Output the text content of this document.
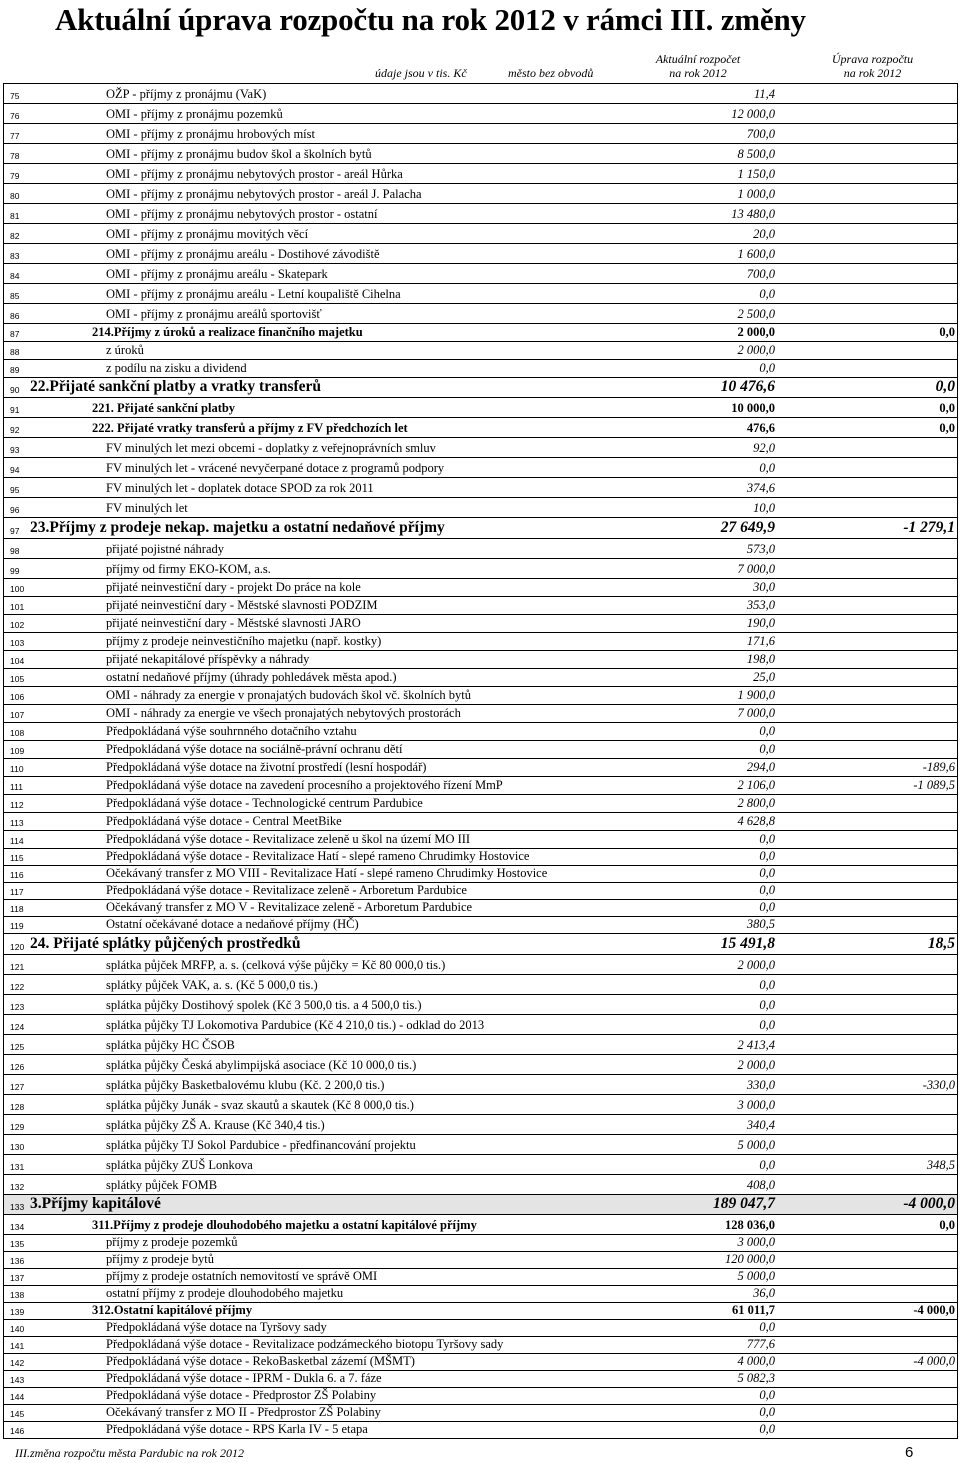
Aktuální úprava rozpočtu na rok 2012 v rámci III. změny
údaje jsou v tis. Kč	město bez obvodů
Aktuální rozpočet
na rok 2012
Úprava rozpočtu
na rok 2012
75	OŽP - příjmy z pronájmu (VaK)	11,4
76	OMI - příjmy z pronájmu pozemků	12 000,0
77	OMI - příjmy z pronájmu hrobových míst	700,0
78	OMI - příjmy z pronájmu budov škol a školních bytů	8 500,0
79	OMI - příjmy z pronájmu nebytových prostor - areál Hůrka	1 150,0
80	OMI - příjmy z pronájmu nebytových prostor - areál J. Palacha	1 000,0
81	OMI - příjmy z pronájmu nebytových prostor - ostatní	13 480,0
82	OMI - příjmy z pronájmu movitých věcí	20,0
83	OMI - příjmy z pronájmu areálu - Dostihové závodiště	1 600,0
84	OMI - příjmy z pronájmu areálu - Skatepark	700,0
85	OMI - příjmy z pronájmu areálu - Letní koupaliště Cihelna	0,0
86	OMI - příjmy z pronájmu areálů sportovišť	2 500,0
87	214.Příjmy z úroků a realizace finančního majetku	2 000,0	0,0
88	z úroků	2 000,0
89	z podílu na zisku a dividend	0,0
90 22.Přijaté sankční platby a vratky transferů	10 476,6	0,0
91	221. Přijaté sankční platby	10 000,0	0,0
92	222. Přijaté vratky transferů a příjmy z FV předchozích let	476,6	0,0
93	FV minulých let mezi obcemi - doplatky z veřejnoprávních smluv	92,0
94	FV minulých let - vrácené nevyčerpané dotace z programů podpory	0,0
95	FV minulých let - doplatek dotace SPOD za rok 2011	374,6
96	FV minulých let	10,0
97 23.Příjmy z prodeje nekap. majetku a ostatní nedaňové příjmy	27 649,9	-1 279,1
98	přijaté pojistné náhrady	573,0
99	příjmy od firmy EKO-KOM, a.s.	7 000,0
100	přijaté neinvestiční dary - projekt Do práce na kole	30,0
101	přijaté neinvestiční dary - Městské slavnosti PODZIM	353,0
102	přijaté neinvestiční dary - Městské slavnosti JARO	190,0
103	příjmy z prodeje neinvestičního majetku (např. kostky)	171,6
104	přijaté nekapitálové příspěvky a náhrady	198,0
105	ostatní nedaňové příjmy (úhrady pohledávek města apod.)	25,0
106	OMI - náhrady za energie v pronajatých budovách škol vč. školních bytů	1 900,0
107	OMI - náhrady za energie ve všech pronajatých nebytových prostorách	7 000,0
108	Předpokládaná výše souhrnného dotačního vztahu	0,0
109	Předpokládaná výše dotace na sociálně-právní ochranu dětí	0,0
110	Předpokládaná výše dotace na životní prostředí (lesní hospodář)	294,0	-189,6
111	Předpokládaná výše dotace na zavedení procesního a projektového řízení MmP	2 106,0	-1 089,5
112	Předpokládaná výše dotace - Technologické centrum Pardubice	2 800,0
113	Předpokládaná výše dotace - Central MeetBike	4 628,8
114	Předpokládaná výše dotace - Revitalizace zeleně u škol na území MO III	0,0
115	Předpokládaná výše dotace - Revitalizace Hatí - slepé rameno Chrudimky Hostovice	0,0
116	Očekávaný transfer z MO VIII - Revitalizace Hatí - slepé rameno Chrudimky Hostovice	0,0
117	Předpokládaná výše dotace - Revitalizace zeleně - Arboretum Pardubice	0,0
118	Očekávaný transfer z MO V - Revitalizace zeleně - Arboretum Pardubice	0,0
119	Ostatní očekávané dotace a nedaňové příjmy (HČ)	380,5
120 24. Přijaté splátky půjčených prostředků	15 491,8	18,5
121	splátka půjček MRFP, a. s. (celková výše půjčky = Kč 80 000,0 tis.)	2 000,0
122	splátky půjček VAK, a. s. (Kč 5 000,0 tis.)	0,0
123	splátka půjčky Dostihový spolek (Kč 3 500,0 tis. a 4 500,0 tis.)	0,0
124	splátka půjčky TJ Lokomotiva Pardubice (Kč 4 210,0 tis.) - odklad do 2013	0,0
125	splátka půjčky HC ČSOB	2 413,4
126	splátka půjčky Česká abylimpijská asociace (Kč 10 000,0 tis.)	2 000,0
127	splátka půjčky Basketbalovému klubu (Kč. 2 200,0 tis.)	330,0	-330,0
128	splátka půjčky Junák - svaz skautů a skautek (Kč 8 000,0 tis.)	3 000,0
129	splátka půjčky ZŠ A. Krause (Kč 340,4 tis.)	340,4
130	splátka půjčky TJ Sokol Pardubice - předfinancování projektu	5 000,0
131	splátka půjčky ZUŠ Lonkova	0,0	348,5
132	splátky půjček FOMB	408,0
133 3.Příjmy kapitálové	189 047,7	-4 000,0
134	311.Příjmy z prodeje dlouhodobého majetku a ostatní kapitálové příjmy	128 036,0	0,0
135	příjmy z prodeje pozemků	3 000,0
136	příjmy z prodeje bytů	120 000,0
137	příjmy z prodeje ostatních nemovitostí ve správě OMI	5 000,0
138	ostatní příjmy z prodeje dlouhodobého majetku	36,0
139	312.Ostatní kapitálové příjmy	61 011,7	-4 000,0
140	Předpokládaná výše dotace na Tyršovy sady	0,0
141	Předpokládaná výše dotace - Revitalizace podzámeckého biotopu Tyršovy sady	777,6
142	Předpokládaná výše dotace - RekoBasketbal zázemí (MŠMT)	4 000,0	-4 000,0
143	Předpokládaná výše dotace - IPRM - Dukla 6. a 7. fáze	5 082,3
144	Předpokládaná výše dotace - Předprostor ZŠ Polabiny	0,0
145	Očekávaný transfer z MO II - Předprostor ZŠ Polabiny	0,0
146	Předpokládaná výše dotace - RPS Karla IV - 5 etapa	0,0
III.změna rozpočtu města Pardubic na rok 2012	6
